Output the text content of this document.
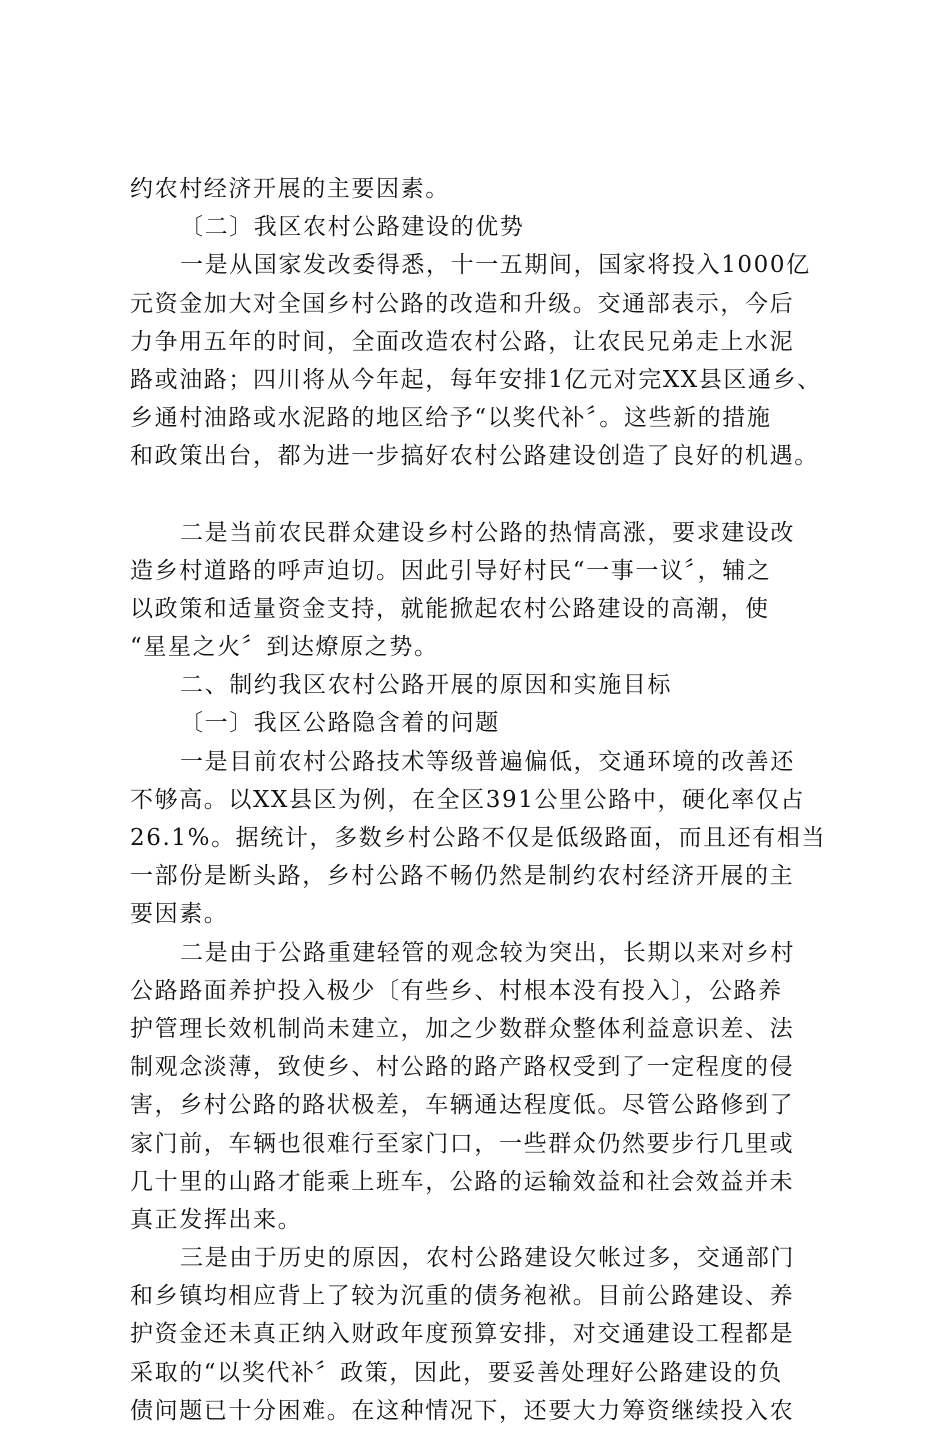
约农村经济开展的主要因素。
〔二〕我区农村公路建设的优势
一是从国家发改委得悉，十一五期间，国家将投入1000亿
元资金加大对全国乡村公路的改造和升级。交通部表示，今后
力争用五年的时间，全面改造农村公路，让农民兄弟走上水泥
路或油路；四川将从今年起，每年安排1亿元对完XX县区通乡、
乡通村油路或水泥路的地区给予“以奖代补〞。这些新的措施
和政策出台，都为进一步搞好农村公路建设创造了良好的机遇。
二是当前农民群众建设乡村公路的热情高涨，要求建设改
造乡村道路的呼声迫切。因此引导好村民“一事一议〞，辅之
以政策和适量资金支持，就能掀起农村公路建设的高潮，使
“星星之火〞到达燎原之势。
二、制约我区农村公路开展的原因和实施目标
〔一〕我区公路隐含着的问题
一是目前农村公路技术等级普遍偏低，交通环境的改善还
不够高。以XX县区为例，在全区391公里公路中，硬化率仅占
26.1%。据统计，多数乡村公路不仅是低级路面，而且还有相当
一部份是断头路，乡村公路不畅仍然是制约农村经济开展的主
要因素。
二是由于公路重建轻管的观念较为突出，长期以来对乡村
公路路面养护投入极少〔有些乡、村根本没有投入〕，公路养
护管理长效机制尚未建立，加之少数群众整体利益意识差、法
制观念淡薄，致使乡、村公路的路产路权受到了一定程度的侵
害，乡村公路的路状极差，车辆通达程度低。尽管公路修到了
家门前，车辆也很难行至家门口，一些群众仍然要步行几里或
几十里的山路才能乘上班车，公路的运输效益和社会效益并未
真正发挥出来。
三是由于历史的原因，农村公路建设欠帐过多，交通部门
和乡镇均相应背上了较为沉重的债务袍袱。目前公路建设、养
护资金还未真正纳入财政年度预算安排，对交通建设工程都是
采取的“以奖代补〞政策，因此，要妥善处理好公路建设的负
债问题已十分困难。在这种情况下，还要大力筹资继续投入农
